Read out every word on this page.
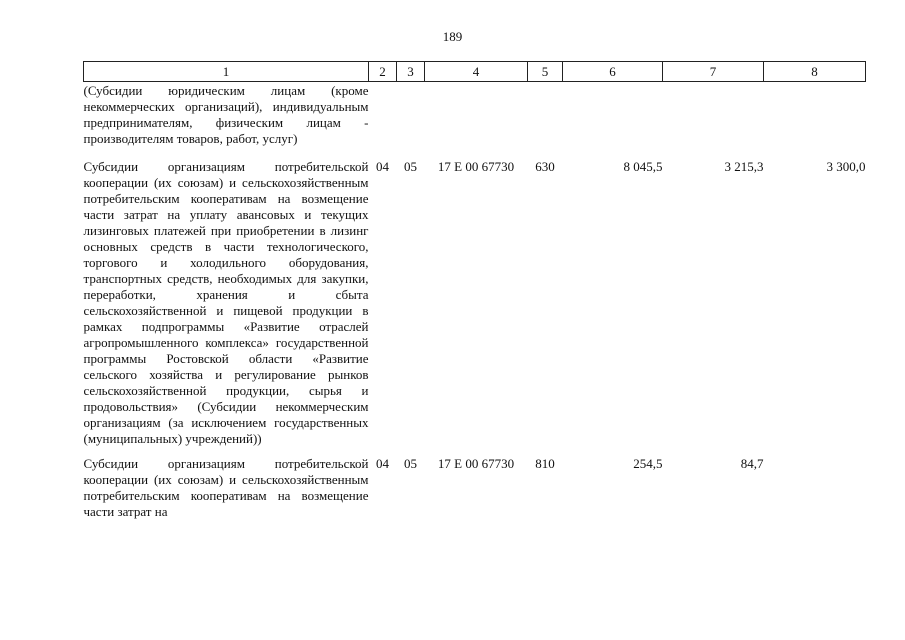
189
1	2	3	4	5	6	7	8
(Субсидии юридическим лицам (кроме некоммерческих организаций), индивидуальным предпринимателям, физическим лицам - производителям товаров, работ, услуг)							
Субсидии организациям потребительской кооперации (их союзам) и сельскохозяйственным потребительским кооперативам на возмещение части затрат на уплату авансовых и текущих лизинговых платежей при приобретении в лизинг основных средств в части технологического, торгового и холодильного оборудования, транспортных средств, необходимых для закупки, переработки, хранения и сбыта сельскохозяйственной и пищевой продукции в рамках подпрограммы «Развитие отраслей агропромышленного комплекса» государственной программы Ростовской области «Развитие сельского хозяйства и регулирование рынков сельскохозяйственной продукции, сырья и продовольствия» (Субсидии некоммерческим организациям (за исключением государственных (муниципальных) учреждений))	04	05	17 Е 00 67730	630	8 045,5	3 215,3	3 300,0
Субсидии организациям потребительской кооперации (их союзам) и сельскохозяйственным потребительским кооперативам на возмещение части затрат на	04	05	17 Е 00 67730	810	254,5	84,7	
